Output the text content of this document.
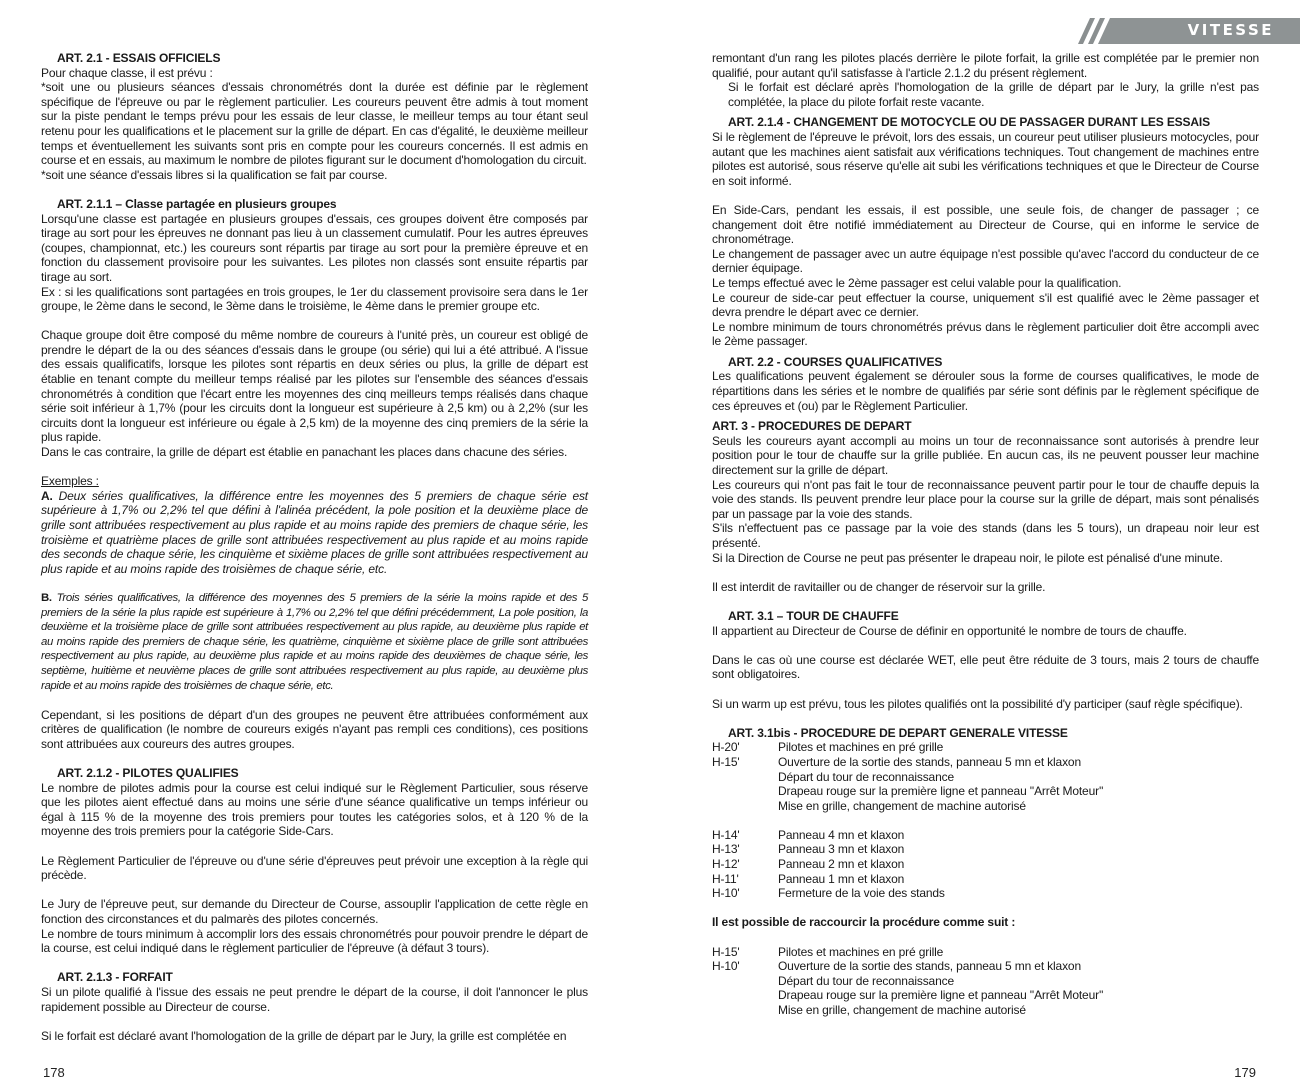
ART. 2.1 - ESSAIS OFFICIELS

Pour chaque classe, il est prévu :

*soit une ou plusieurs séances d'essais chronométrés dont la durée est définie par le règlement spécifique de l'épreuve ou par le règlement particulier. Les coureurs peuvent être admis à tout moment sur la piste pendant le temps prévu pour les essais de leur classe, le meilleur temps au tour étant seul retenu pour les qualifications et le placement sur la grille de départ. En cas d'égalité, le deuxième meilleur temps et éventuellement les suivants sont pris en compte pour les coureurs concernés. Il est admis en course et en essais, au maximum le nombre de pilotes figurant sur le document d'homologation du circuit.

*soit une séance d'essais libres si la qualification se fait par course.

ART. 2.1.1 – Classe partagée en plusieurs groupes

Lorsqu'une classe est partagée en plusieurs groupes d'essais, ces groupes doivent être composés par tirage au sort pour les épreuves ne donnant pas lieu à un classement cumulatif. Pour les autres épreuves (coupes, championnat, etc.) les coureurs sont répartis par tirage au sort pour la première épreuve et en fonction du classement provisoire pour les suivantes. Les pilotes non classés sont ensuite répartis par tirage au sort.

Ex : si les qualifications sont partagées en trois groupes, le 1er du classement provisoire sera dans le 1er groupe, le 2ème dans le second, le 3ème dans le troisième, le 4ème dans le premier groupe etc.

Chaque groupe doit être composé du même nombre de coureurs à l'unité près, un coureur est obligé de prendre le départ de la ou des séances d'essais dans le groupe (ou série) qui lui a été attribué. A l'issue des essais qualificatifs, lorsque les pilotes sont répartis en deux séries ou plus, la grille de départ est établie en tenant compte du meilleur temps réalisé par les pilotes sur l'ensemble des séances d'essais chronométrés à condition que l'écart entre les moyennes des cinq meilleurs temps réalisés dans chaque série soit inférieur à 1,7% (pour les circuits dont la longueur est supérieure à 2,5 km) ou à 2,2% (sur les circuits dont la longueur est inférieure ou égale à 2,5 km) de la moyenne des cinq premiers de la série la plus rapide.

Dans le cas contraire, la grille de départ est établie en panachant les places dans chacune des séries.

Exemples :

A. Deux séries qualificatives, la différence entre les moyennes des 5 premiers de chaque série est supérieure à 1,7% ou 2,2% tel que défini à l'alinéa précédent, la pole position et la deuxième place de grille sont attribuées respectivement au plus rapide et au moins rapide des premiers de chaque série, les troisième et quatrième places de grille sont attribuées respectivement au plus rapide et au moins rapide des seconds de chaque série, les cinquième et sixième places de grille sont attribuées respectivement au plus rapide et au moins rapide des troisièmes de chaque série, etc.

B. Trois séries qualificatives, la différence des moyennes des 5 premiers de la série la moins rapide et des 5 premiers de la série la plus rapide est supérieure à 1,7% ou 2,2% tel que défini précédemment, La pole position, la deuxième et la troisième place de grille sont attribuées respectivement au plus rapide, au deuxième plus rapide et au moins rapide des premiers de chaque série, les quatrième, cinquième et sixième place de grille sont attribuées respectivement au plus rapide, au deuxième plus rapide et au moins rapide des deuxièmes de chaque série, les septième, huitième et neuvième places de grille sont attribuées respectivement au plus rapide, au deuxième plus rapide et au moins rapide des troisièmes de chaque série, etc.

Cependant, si les positions de départ d'un des groupes ne peuvent être attribuées conformément aux critères de qualification (le nombre de coureurs exigés n'ayant pas rempli ces conditions), ces positions sont attribuées aux coureurs des autres groupes.

ART. 2.1.2 - PILOTES QUALIFIES

Le nombre de pilotes admis pour la course est celui indiqué sur le Règlement Particulier, sous réserve que les pilotes aient effectué dans au moins une série d'une séance qualificative un temps inférieur ou égal à 115 % de la moyenne des trois premiers pour toutes les catégories solos, et à 120 % de la moyenne des trois premiers pour la catégorie Side-Cars.

Le Règlement Particulier de l'épreuve ou d'une série d'épreuves peut prévoir une exception à la règle qui précède.

Le Jury de l'épreuve peut, sur demande du Directeur de Course, assouplir l'application de cette règle en fonction des circonstances et du palmarès des pilotes concernés.

Le nombre de tours minimum à accomplir lors des essais chronométrés pour pouvoir prendre le départ de la course, est celui indiqué dans le règlement particulier de l'épreuve (à défaut 3 tours).

ART. 2.1.3 - FORFAIT

Si un pilote qualifié à l'issue des essais ne peut prendre le départ de la course, il doit l'annoncer le plus rapidement possible au Directeur de course.

Si le forfait est déclaré avant l'homologation de la grille de départ par le Jury, la grille est complétée en

178
VITESSE

remontant d'un rang les pilotes placés derrière le pilote forfait, la grille est complétée par le premier non qualifié, pour autant qu'il satisfasse à l'article 2.1.2 du présent règlement.

Si le forfait est déclaré après l'homologation de la grille de départ par le Jury, la grille n'est pas complétée, la place du pilote forfait reste vacante.

ART. 2.1.4 - CHANGEMENT DE MOTOCYCLE OU DE PASSAGER DURANT LES ESSAIS

Si le règlement de l'épreuve le prévoit, lors des essais, un coureur peut utiliser plusieurs motocycles, pour autant que les machines aient satisfait aux vérifications techniques. Tout changement de machines entre pilotes est autorisé, sous réserve qu'elle ait subi les vérifications techniques et que le Directeur de Course en soit informé.

En Side-Cars, pendant les essais, il est possible, une seule fois, de changer de passager ; ce changement doit être notifié immédiatement au Directeur de Course, qui en informe le service de chronométrage.

Le changement de passager avec un autre équipage n'est possible qu'avec l'accord du conducteur de ce dernier équipage.

Le temps effectué avec le 2ème passager est celui valable pour la qualification.

Le coureur de side-car peut effectuer la course, uniquement s'il est qualifié avec le 2ème passager et devra prendre le départ avec ce dernier.

Le nombre minimum de tours chronométrés prévus dans le règlement particulier doit être accompli avec le 2ème passager.

ART. 2.2 - COURSES QUALIFICATIVES

Les qualifications peuvent également se dérouler sous la forme de courses qualificatives, le mode de répartitions dans les séries et le nombre de qualifiés par série sont définis par le règlement spécifique de ces épreuves et (ou) par le Règlement Particulier.

ART. 3 - PROCEDURES DE DEPART

Seuls les coureurs ayant accompli au moins un tour de reconnaissance sont autorisés à prendre leur position pour le tour de chauffe sur la grille publiée. En aucun cas, ils ne peuvent pousser leur machine directement sur la grille de départ.

Les coureurs qui n'ont pas fait le tour de reconnaissance peuvent partir pour le tour de chauffe depuis la voie des stands. Ils peuvent prendre leur place pour la course sur la grille de départ, mais sont pénalisés par un passage par la voie des stands.

S'ils n'effectuent pas ce passage par la voie des stands (dans les 5 tours), un drapeau noir leur est présenté.

Si la Direction de Course ne peut pas présenter le drapeau noir, le pilote est pénalisé d'une minute.

Il est interdit de ravitailler ou de changer de réservoir sur la grille.

ART. 3.1 – TOUR DE CHAUFFE

Il appartient au Directeur de Course de définir en opportunité le nombre de tours de chauffe.

Dans le cas où une course est déclarée WET, elle peut être réduite de 3 tours, mais 2 tours de chauffe sont obligatoires.

Si un warm up est prévu, tous les pilotes qualifiés ont la possibilité d'y participer (sauf règle spécifique).

ART. 3.1bis - PROCEDURE DE DEPART GENERALE VITESSE

H-20'	Pilotes et machines en pré grille
H-15'	Ouverture de la sortie des stands, panneau 5 mn et klaxon
Départ du tour de reconnaissance
Drapeau rouge sur la première ligne et panneau ''Arrêt Moteur''
Mise en grille, changement de machine autorisé
H-14'	Panneau 4 mn et klaxon
H-13'	Panneau 3 mn et klaxon
H-12'	Panneau 2 mn et klaxon
H-11'	Panneau 1 mn et klaxon
H-10'	Fermeture de la voie des stands

Il est possible de raccourcir la procédure comme suit :

H-15'	Pilotes et machines en pré grille
H-10'	Ouverture de la sortie des stands, panneau 5 mn et klaxon
Départ du tour de reconnaissance
Drapeau rouge sur la première ligne et panneau ''Arrêt Moteur''
Mise en grille, changement de machine autorisé
179
